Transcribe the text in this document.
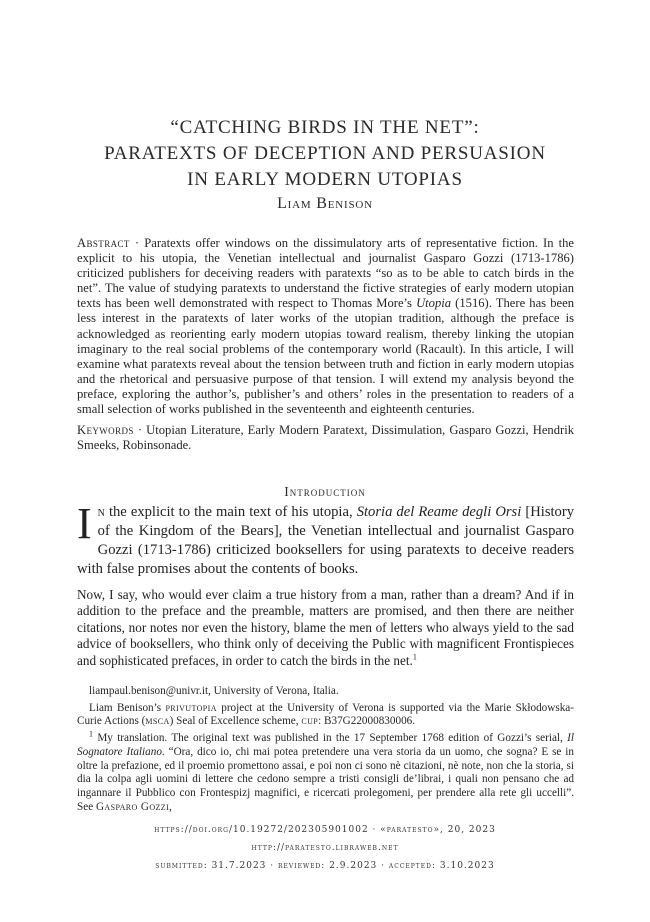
“CATCHING BIRDS IN THE NET”:
PARATEXTS OF DECEPTION AND PERSUASION
IN EARLY MODERN UTOPIAS
Liam Benison

Abstract · Paratexts offer windows on the dissimulatory arts of representative fiction. In the explicit to his utopia, the Venetian intellectual and journalist Gasparo Gozzi (1713-1786) criticized publishers for deceiving readers with paratexts “so as to be able to catch birds in the net”. The value of studying paratexts to understand the fictive strategies of early modern utopian texts has been well demonstrated with respect to Thomas More’s Utopia (1516). There has been less interest in the paratexts of later works of the utopian tradition, although the preface is acknowledged as reorienting early modern utopias toward realism, thereby linking the utopian imaginary to the real social problems of the contemporary world (Racault). In this article, I will examine what paratexts reveal about the tension between truth and fiction in early modern utopias and the rhetorical and persuasive purpose of that tension. I will extend my analysis beyond the preface, exploring the author’s, publisher’s and others’ roles in the presentation to readers of a small selection of works published in the seventeenth and eighteenth centuries.

Keywords · Utopian Literature, Early Modern Paratext, Dissimulation, Gasparo Gozzi, Hendrik Smeeks, Robinsonade.

Introduction

In the explicit to the main text of his utopia, Storia del Reame degli Orsi [History of the Kingdom of the Bears], the Venetian intellectual and journalist Gasparo Gozzi (1713-1786) criticized booksellers for using paratexts to deceive readers with false promises about the contents of books.

Now, I say, who would ever claim a true history from a man, rather than a dream? And if in addition to the preface and the preamble, matters are promised, and then there are neither citations, nor notes nor even the history, blame the men of letters who always yield to the sad advice of booksellers, who think only of deceiving the Public with magnificent Frontispieces and sophisticated prefaces, in order to catch the birds in the net.$^1$

liampaul.benison@univr.it, University of Verona, Italia.

Liam Benison’s privutopia project at the University of Verona is supported via the Marie Skłodowska-Curie Actions (msca) Seal of Excellence scheme, cup: B37G22000830006.

$^1$ My translation. The original text was published in the 17 September 1768 edition of Gozzi’s serial, Il Sognatore Italiano. “Ora, dico io, chi mai potea pretendere una vera storia da un uomo, che sogna? E se in oltre la prefazione, ed il proemio promettono assai, e poi non ci sono nè citazioni, nè note, non che la storia, si dia la colpa agli uomini di lettere che cedono sempre a tristi consigli de’librai, i quali non pensano che ad ingannare il Pubblico con Frontespizj magnifici, e ricercati prolegomeni, per prendere alla rete gli uccelli”. See Gasparo Gozzi,

https://doi.org/10.19272/202305901002 · «paratesto», 20, 2023
http://paratesto.libraweb.net
submitted: 31.7.2023 · reviewed: 2.9.2023 · accepted: 3.10.2023
